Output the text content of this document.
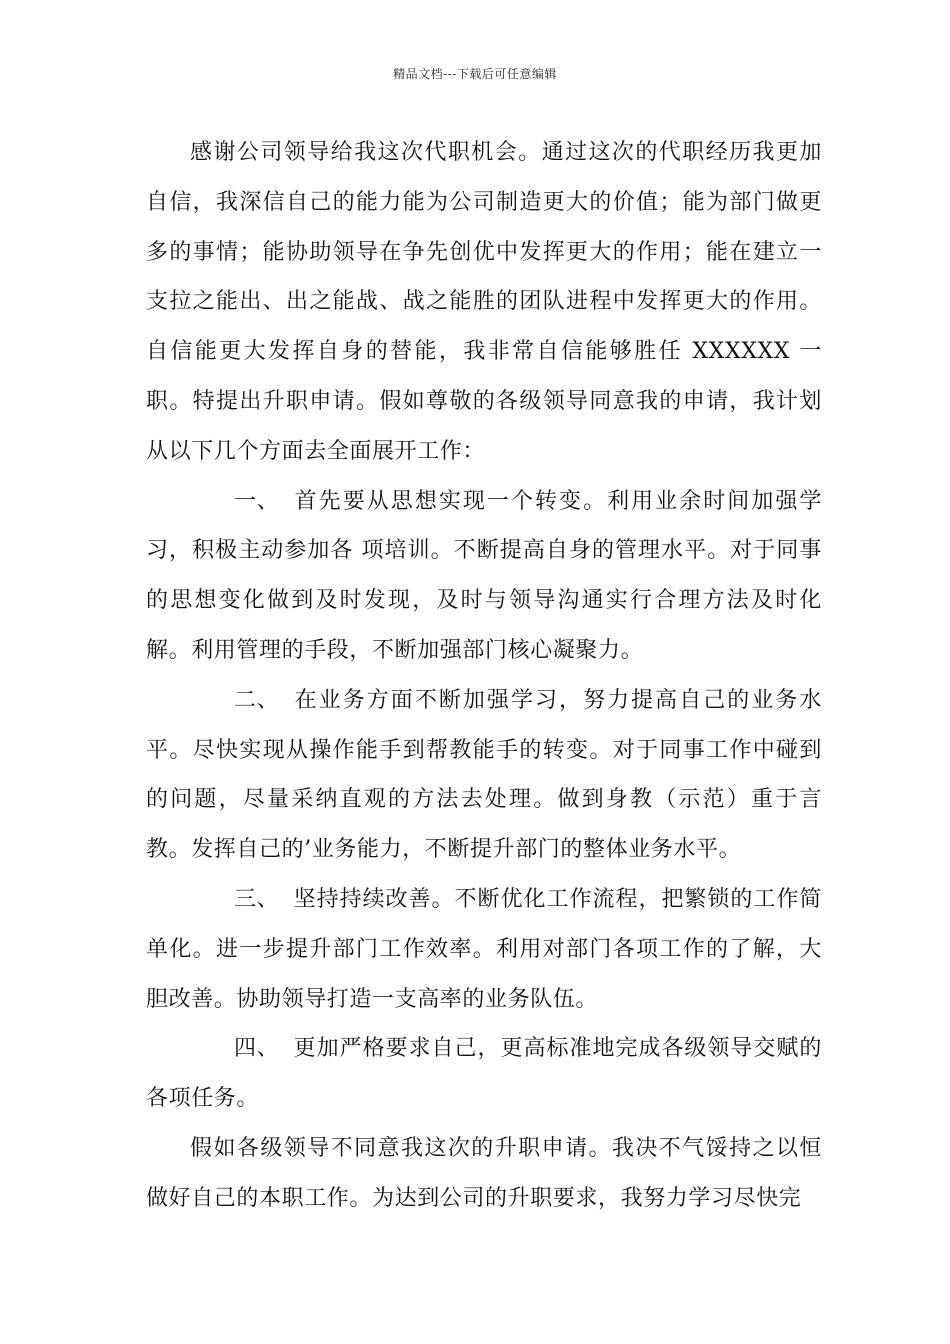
精品文档---下载后可任意编辑

感谢公司领导给我这次代职机会。通过这次的代职经历我更加自信，我深信自己的能力能为公司制造更大的价值；能为部门做更多的事情；能协助领导在争先创优中发挥更大的作用；能在建立一支拉之能出、出之能战、战之能胜的团队进程中发挥更大的作用。自信能更大发挥自身的替能，我非常自信能够胜任 XXXXXX 一职。特提出升职申请。假如尊敬的各级领导同意我的申请，我计划从以下几个方面去全面展开工作：

一、 首先要从思想实现一个转变。利用业余时间加强学习，积极主动参加各 项培训。不断提高自身的管理水平。对于同事的思想变化做到及时发现，及时与领导沟通实行合理方法及时化解。利用管理的手段，不断加强部门核心凝聚力。

二、 在业务方面不断加强学习，努力提高自己的业务水平。尽快实现从操作能手到帮教能手的转变。对于同事工作中碰到的问题，尽量采纳直观的方法去处理。做到身教（示范）重于言教。发挥自己的’业务能力，不断提升部门的整体业务水平。

三、 坚持持续改善。不断优化工作流程，把繁锁的工作简单化。进一步提升部门工作效率。利用对部门各项工作的了解，大胆改善。协助领导打造一支高率的业务队伍。

四、 更加严格要求自己，更高标准地完成各级领导交赋的各项任务。

假如各级领导不同意我这次的升职申请。我决不气馁持之以恒做好自己的本职工作。为达到公司的升职要求，我努力学习尽快完
